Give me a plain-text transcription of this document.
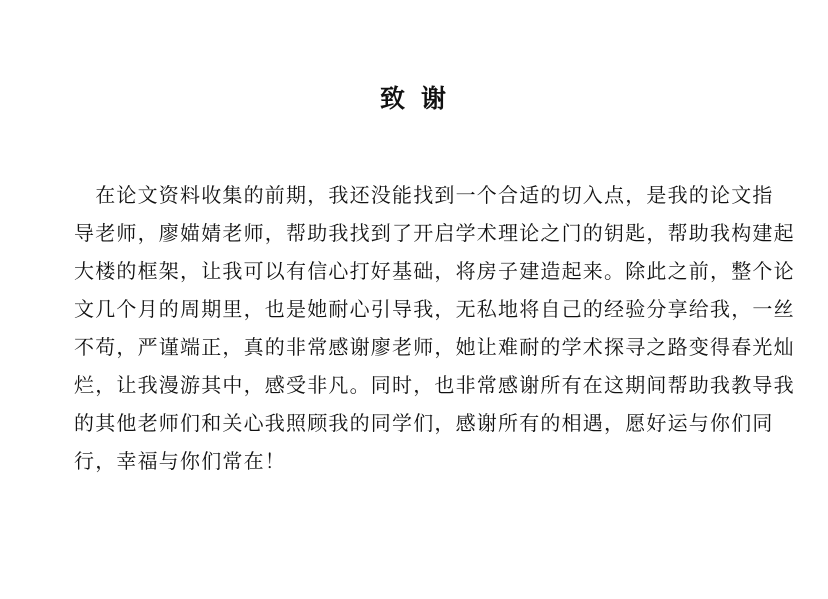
致 谢
　在论文资料收集的前期，我还没能找到一个合适的切入点，是我的论文指
导老师，廖媌婧老师，帮助我找到了开启学术理论之门的钥匙，帮助我构建起
大楼的框架，让我可以有信心打好基础，将房子建造起来。除此之前，整个论
文几个月的周期里，也是她耐心引导我，无私地将自己的经验分享给我，一丝
不苟，严谨端正，真的非常感谢廖老师，她让难耐的学术探寻之路变得春光灿
烂，让我漫游其中，感受非凡。同时，也非常感谢所有在这期间帮助我教导我
的其他老师们和关心我照顾我的同学们，感谢所有的相遇，愿好运与你们同
行，幸福与你们常在！
